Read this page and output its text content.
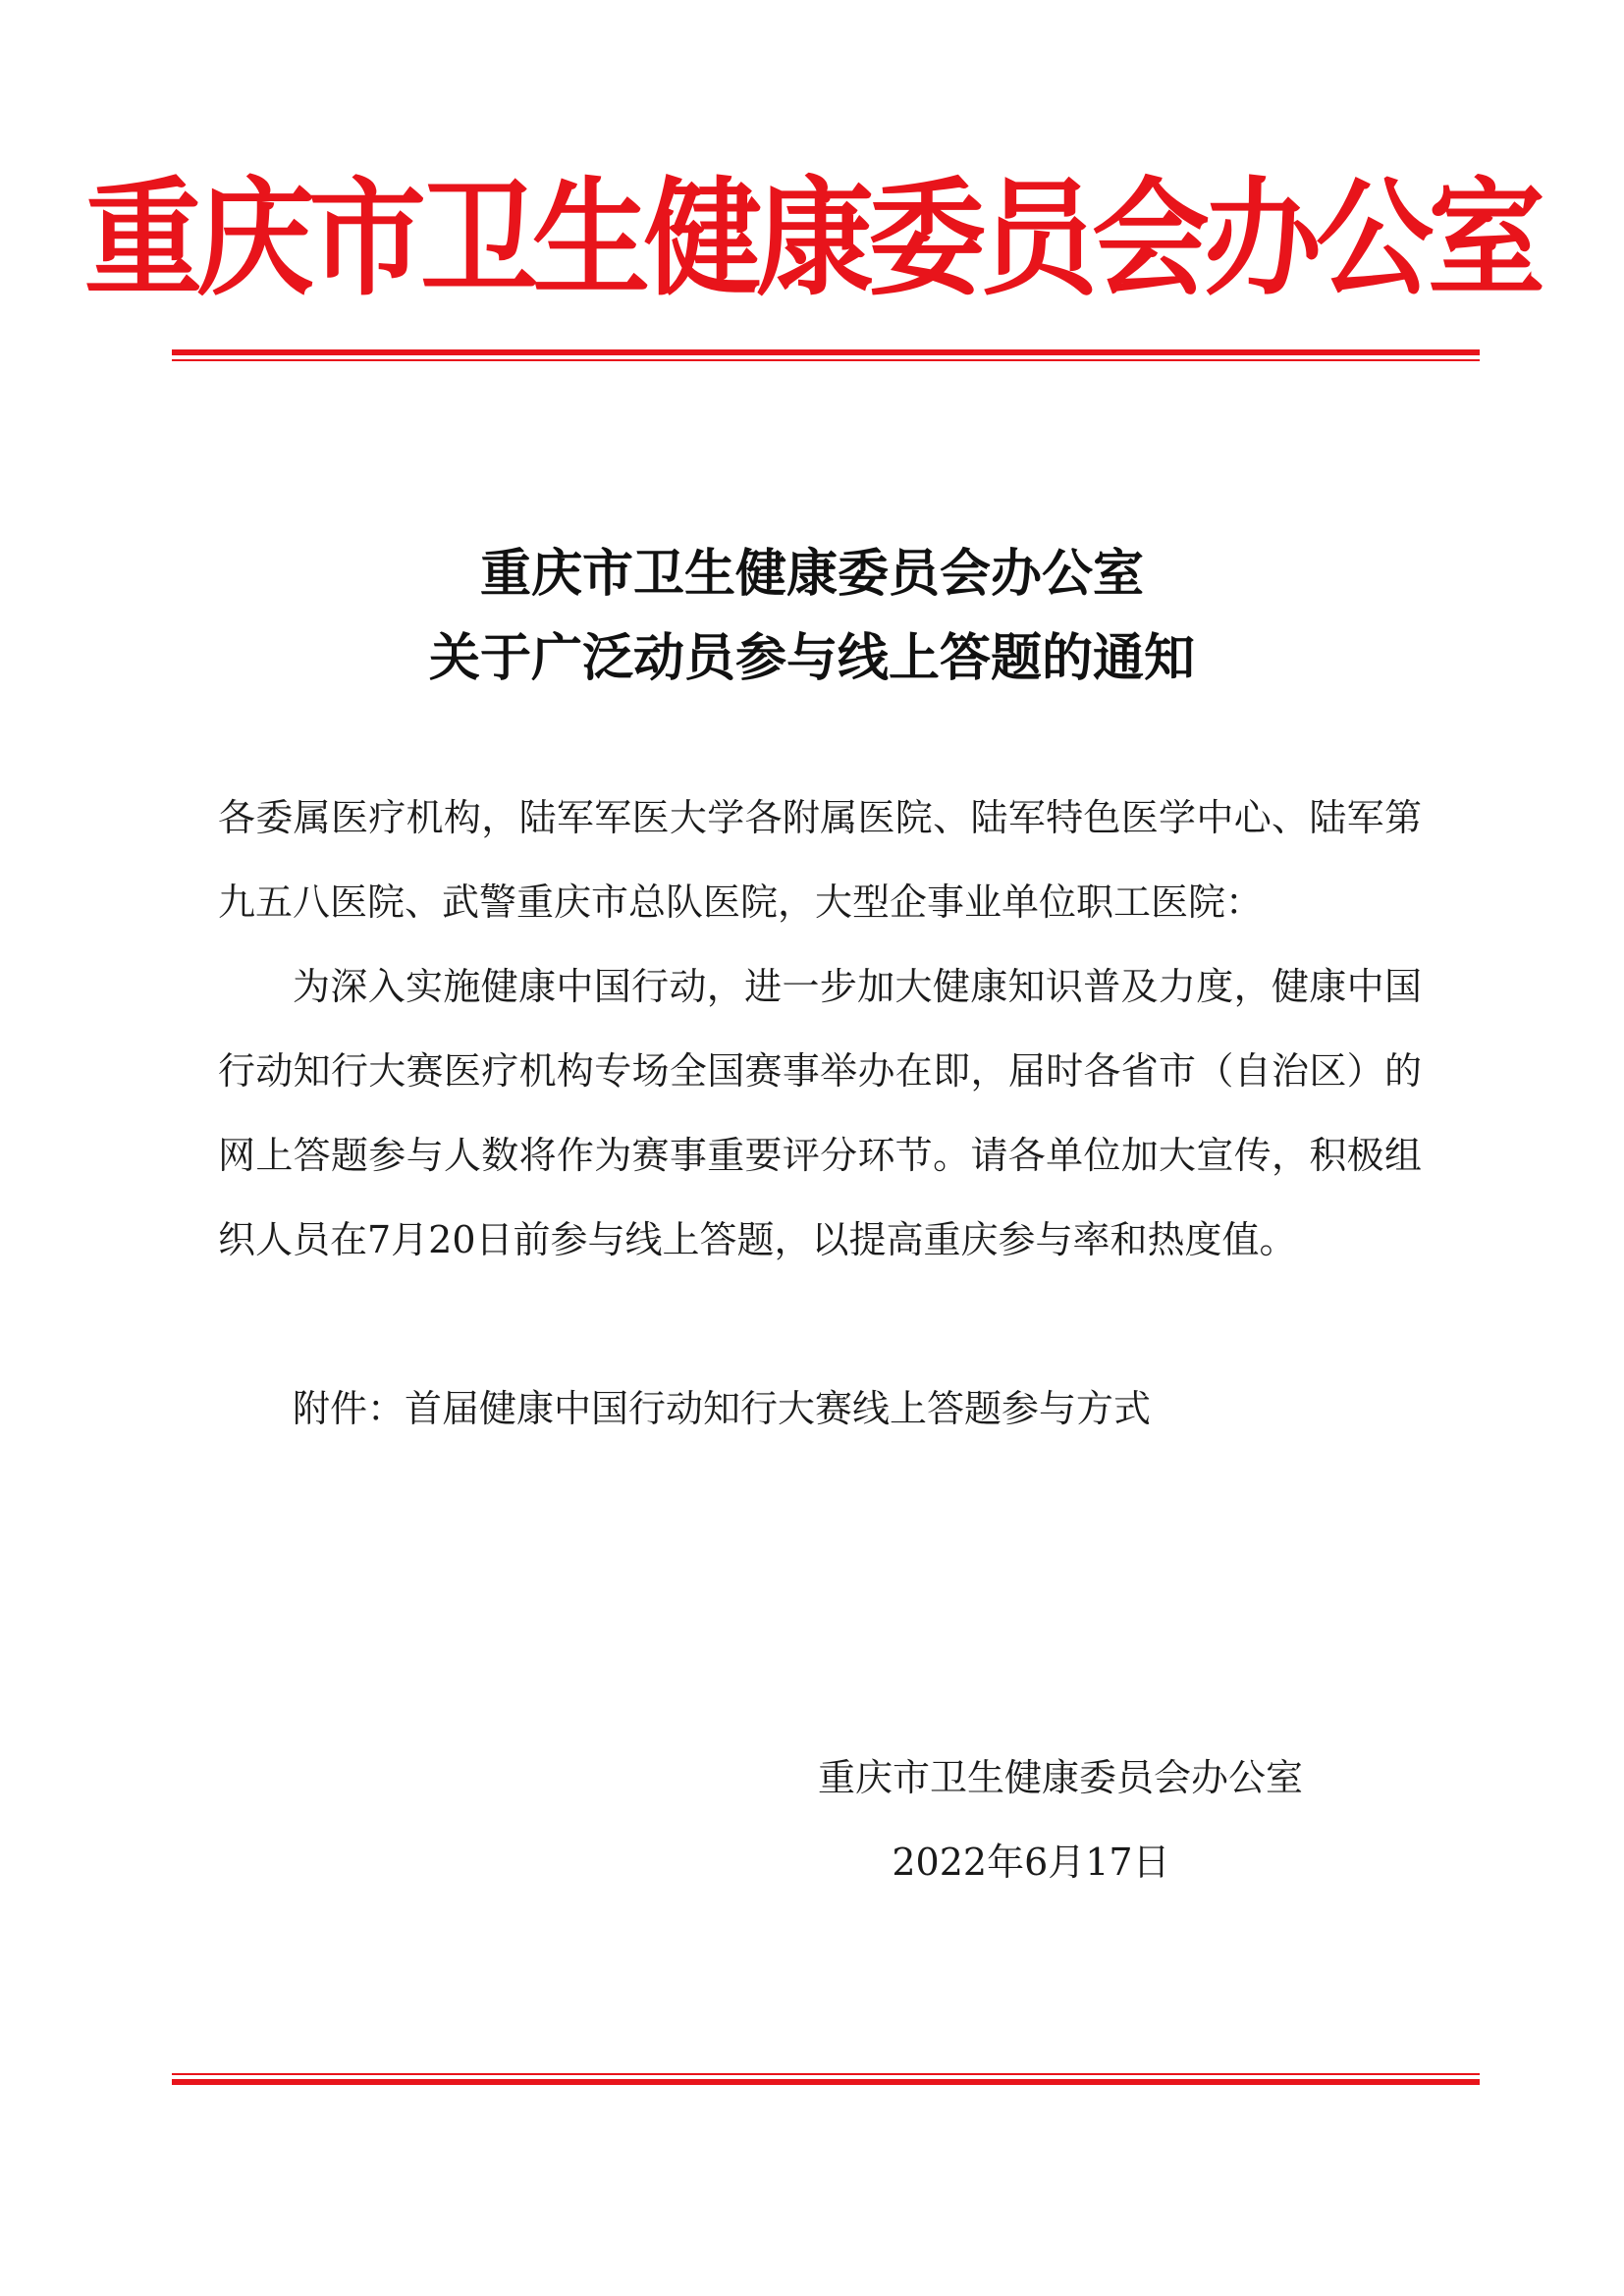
重庆市卫生健康委员会办公室
重庆市卫生健康委员会办公室
关于广泛动员参与线上答题的通知

各委属医疗机构，陆军军医大学各附属医院、陆军特色医学中心、陆军第九五八医院、武警重庆市总队医院，大型企事业单位职工医院：

为深入实施健康中国行动，进一步加大健康知识普及力度，健康中国行动知行大赛医疗机构专场全国赛事举办在即，届时各省市（自治区）的网上答题参与人数将作为赛事重要评分环节。请各单位加大宣传，积极组织人员在7月20日前参与线上答题，以提高重庆参与率和热度值。

附件：首届健康中国行动知行大赛线上答题参与方式

重庆市卫生健康委员会办公室
2022年6月17日
